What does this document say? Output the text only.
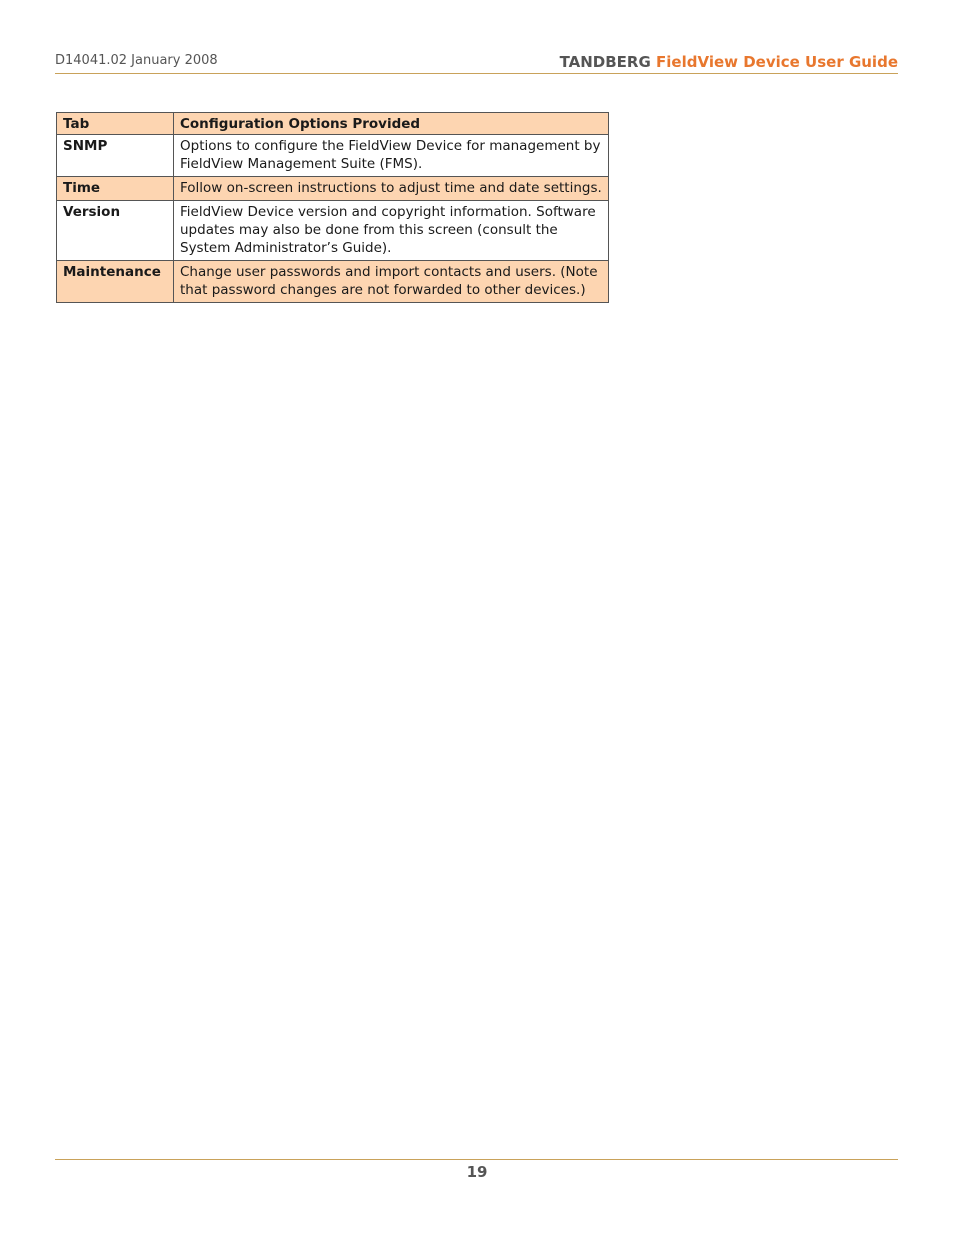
D14041.02 January 2008	TANDBERG FieldView Device User Guide
Tab	Configuration Options Provided
SNMP	Options to configure the FieldView Device for management by FieldView Management Suite (FMS).
Time	Follow on-screen instructions to adjust time and date settings.
Version	FieldView Device version and copyright information. Software updates may also be done from this screen (consult the System Administrator’s Guide).
Maintenance	Change user passwords and import contacts and users. (Note that password changes are not forwarded to other devices.)
19
